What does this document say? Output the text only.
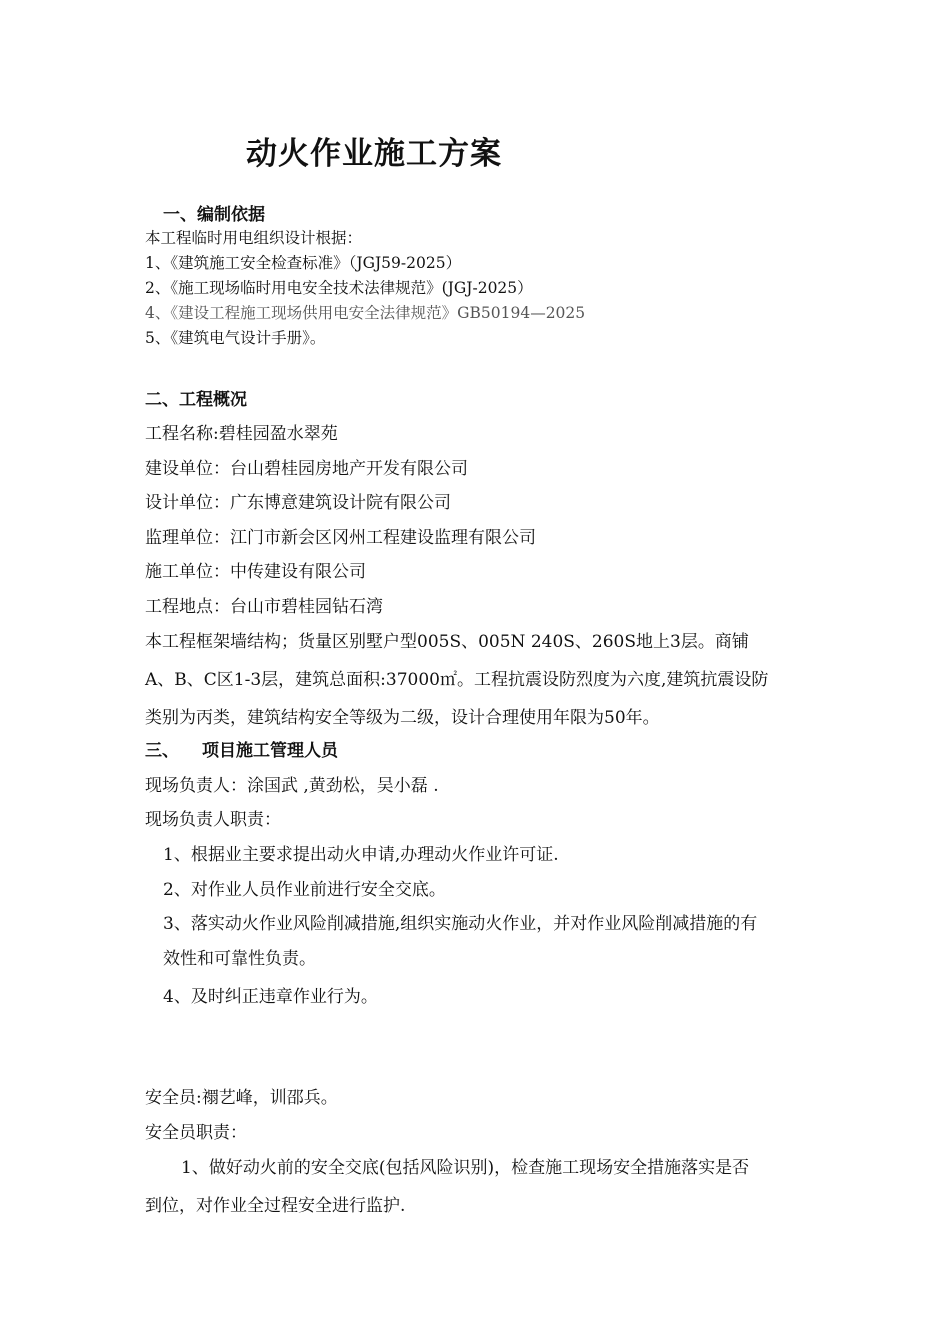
动火作业施工方案
一、编制依据
本工程临时用电组织设计根据：
1、《建筑施工安全检查标准》（JGJ59-2025）
2、《施工现场临时用电安全技术法律规范》(JGJ-2025）
4、《建设工程施工现场供用电安全法律规范》GB50194—2025
5、《建筑电气设计手册》。
二、工程概况
工程名称:碧桂园盈水翠苑
建设单位：台山碧桂园房地产开发有限公司
设计单位：广东博意建筑设计院有限公司
监理单位：江门市新会区冈州工程建设监理有限公司
施工单位：中传建设有限公司
工程地点：台山市碧桂园钻石湾
本工程框架墙结构；货量区别墅户型005S、005N 240S、260S地上3层。商铺
A、B、C区1-3层，建筑总面积:37000㎡。工程抗震设防烈度为六度,建筑抗震设防
类别为丙类，建筑结构安全等级为二级，设计合理使用年限为50年。
三、 项目施工管理人员
现场负责人：涂国武 ,黄劲松，吴小磊 .
现场负责人职责：
1、根据业主要求提出动火申请,办理动火作业许可证.
2、对作业人员作业前进行安全交底。
3、落实动火作业风险削减措施,组织实施动火作业，并对作业风险削减措施的有
效性和可靠性负责。
4、及时纠正违章作业行为。
安全员:禤艺峰，训邵兵。
安全员职责：
1、做好动火前的安全交底(包括风险识别)，检查施工现场安全措施落实是否
到位，对作业全过程安全进行监护.
